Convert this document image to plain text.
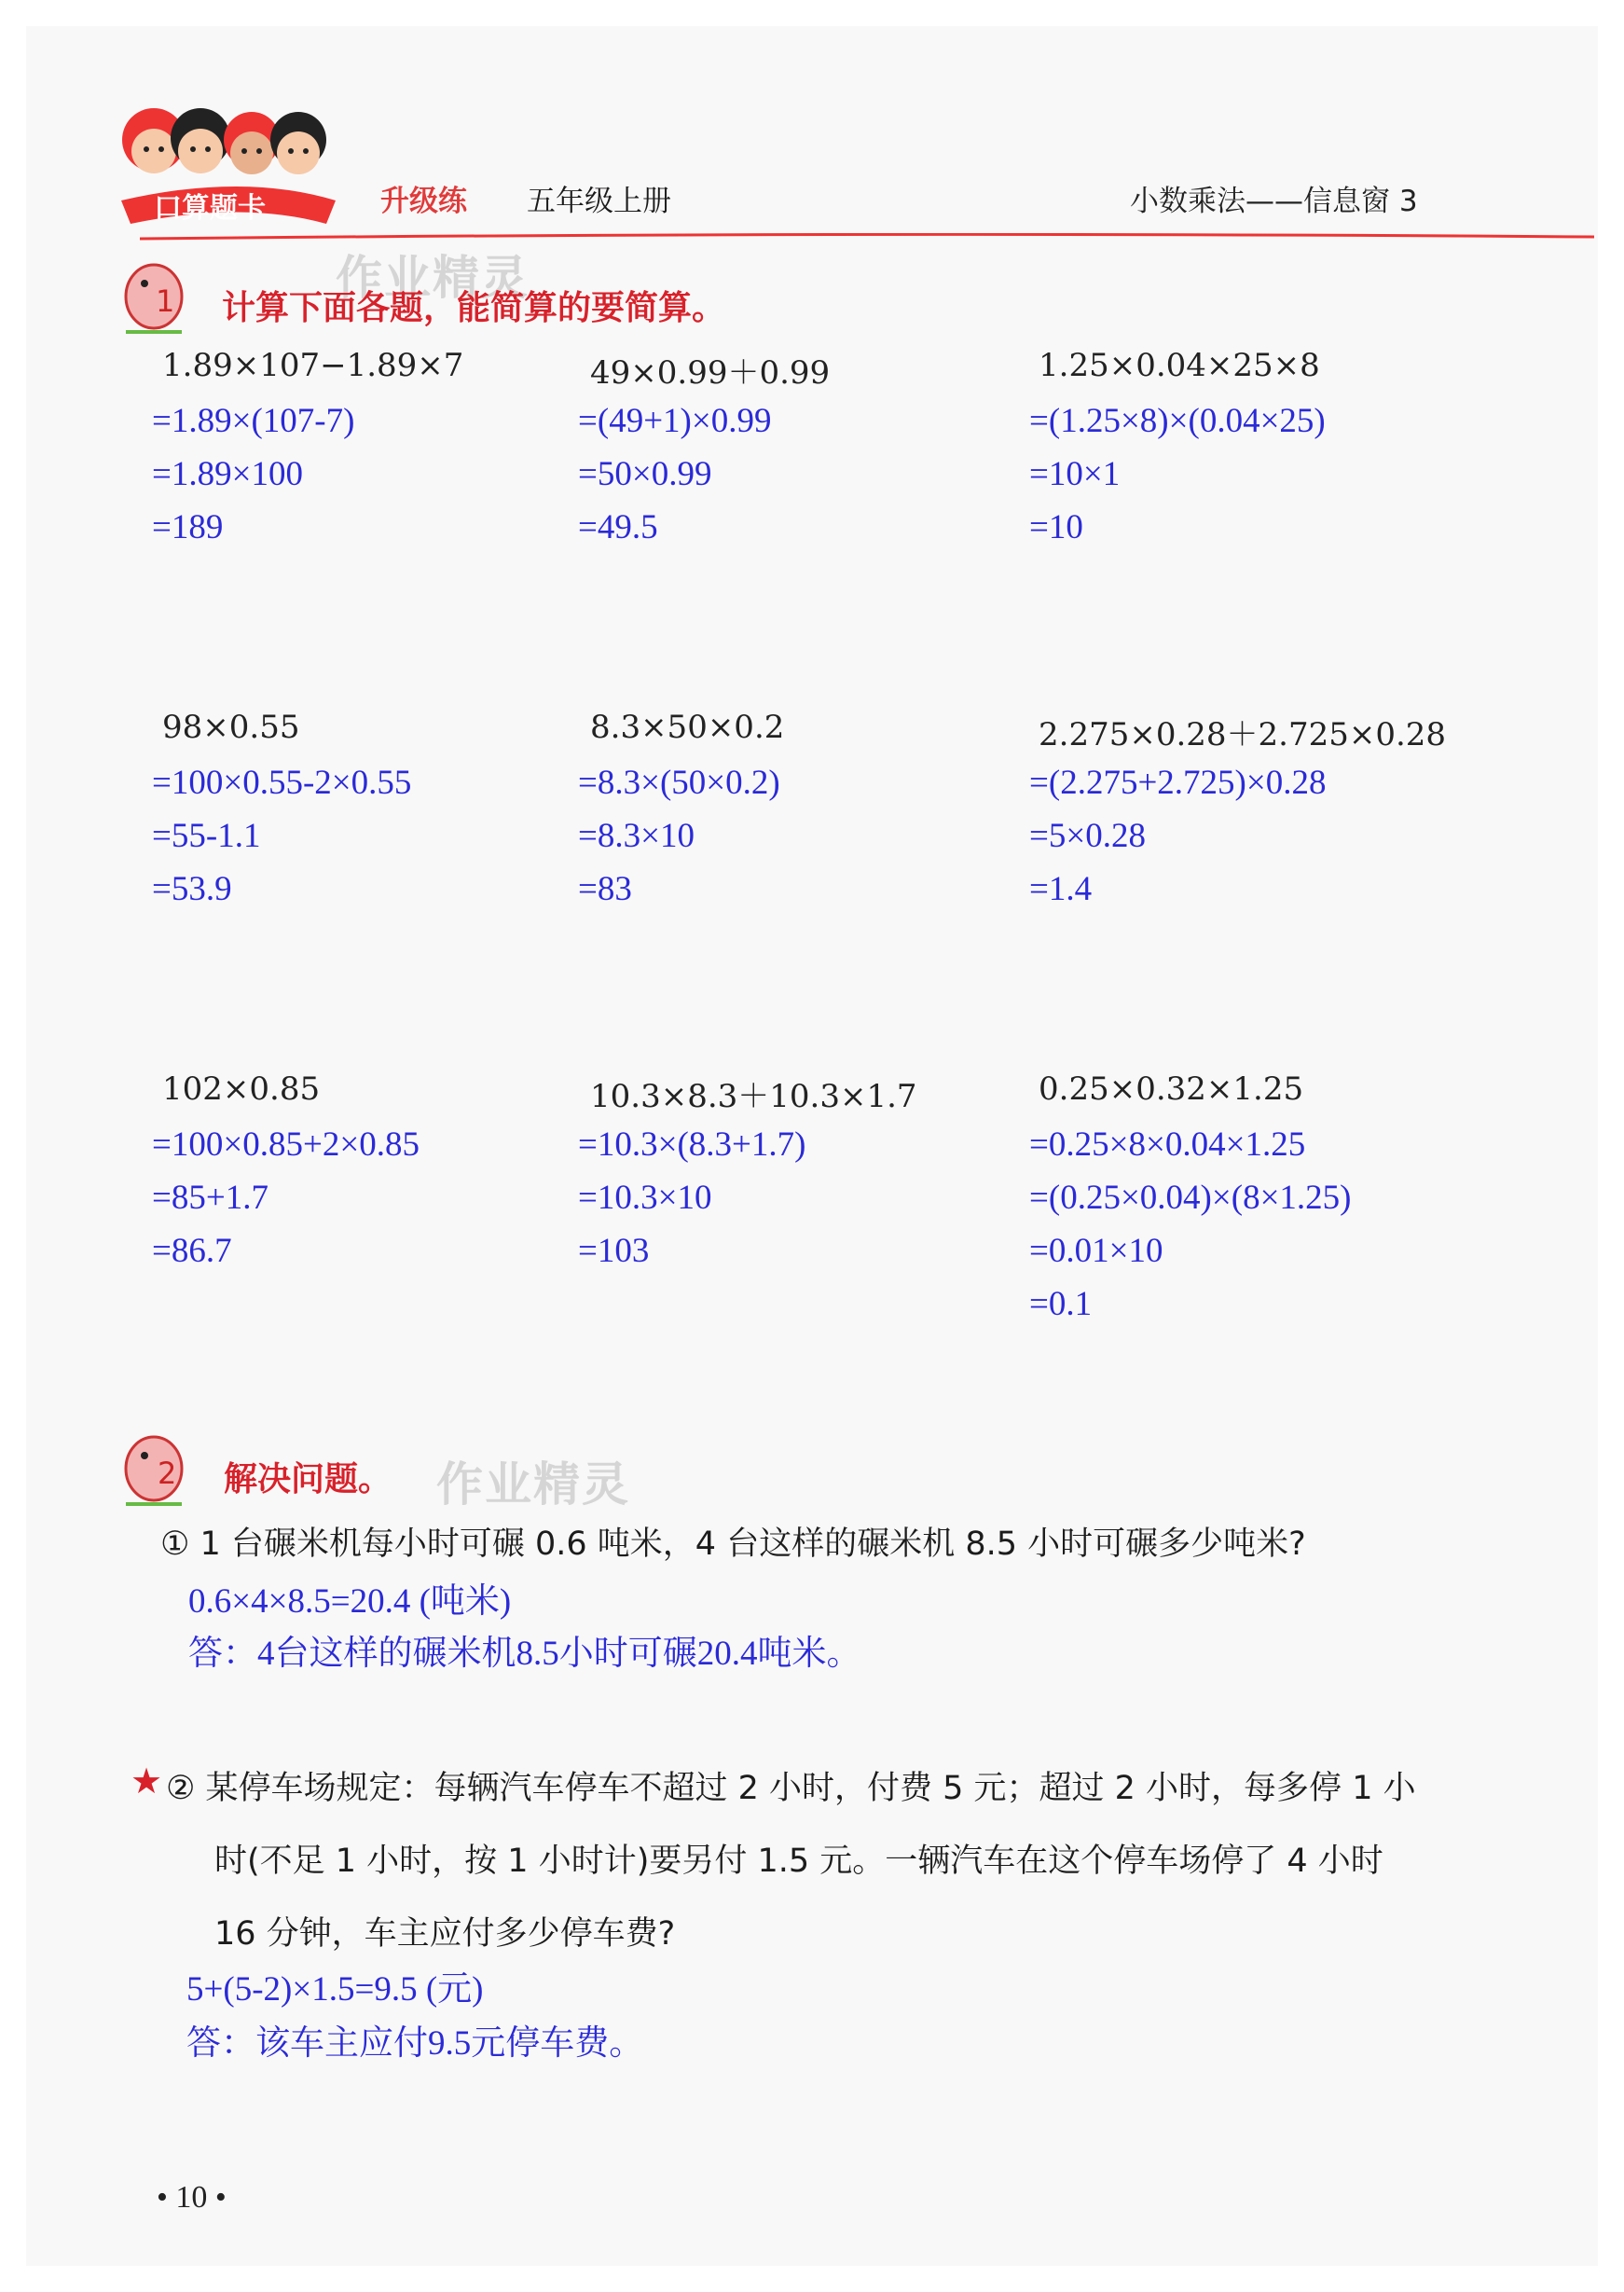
口算题卡	升级练 五年级上册	小数乘法——信息窗 3
1	作业精灵
计算下面各题，能简算的要简算。
1.89×107−1.89×7
=1.89×(107-7)
=1.89×100
=189
49×0.99＋0.99
=(49+1)×0.99
=50×0.99
=49.5
1.25×0.04×25×8
=(1.25×8)×(0.04×25)
=10×1
=10
98×0.55
=100×0.55-2×0.55
=55-1.1
=53.9
8.3×50×0.2
=8.3×(50×0.2)
=8.3×10
=83
2.275×0.28＋2.725×0.28
=(2.275+2.725)×0.28
=5×0.28
=1.4
102×0.85
=100×0.85+2×0.85
=85+1.7
=86.7
10.3×8.3＋10.3×1.7
=10.3×(8.3+1.7)
=10.3×10
=103
0.25×0.32×1.25
=0.25×8×0.04×1.25
=(0.25×0.04)×(8×1.25)
=0.01×10
=0.1
2 解决问题。 作业精灵
① 1 台碾米机每小时可碾 0.6 吨米，4 台这样的碾米机 8.5 小时可碾多少吨米?
0.6×4×8.5=20.4 (吨米)
答：4台这样的碾米机8.5小时可碾20.4吨米。
★ ② 某停车场规定：每辆汽车停车不超过 2 小时，付费 5 元；超过 2 小时，每多停 1 小
时(不足 1 小时，按 1 小时计)要另付 1.5 元。一辆汽车在这个停车场停了 4 小时
16 分钟，车主应付多少停车费?
5+(5-2)×1.5=9.5 (元)
答：该车主应付9.5元停车费。
• 10 •
